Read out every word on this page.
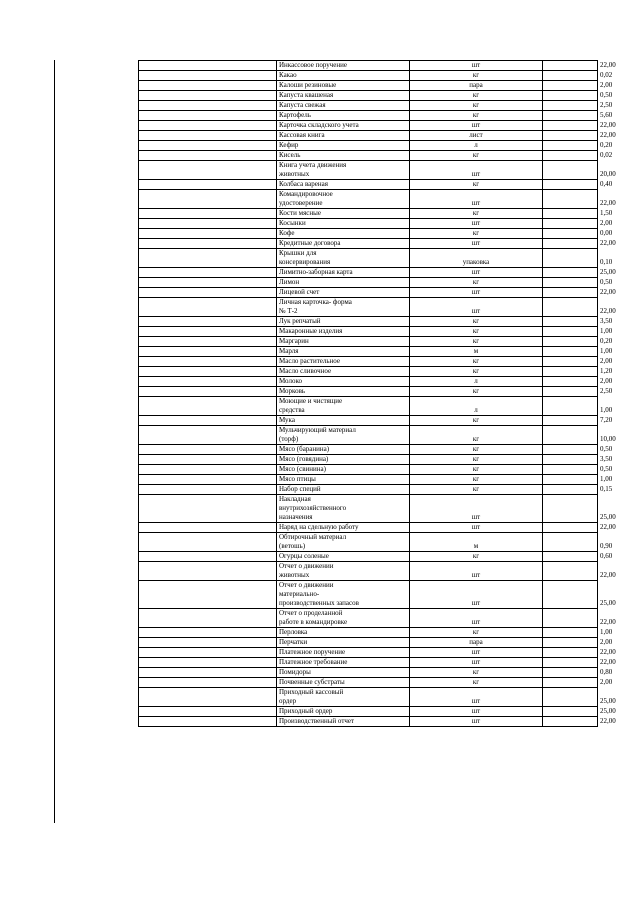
	Инкассовое поручение	шт		22,00

	Какао	кг		0,02

	Калоши резиновые	пара		2,00

	Капуста квашеная	кг		0,50

	Капуста свежая	кг		2,50

	Картофель	кг		5,60

	Карточка складского учета	шт		22,00

	Кассовая книга	лист		22,00

	Кефир	л		0,20

	Кисель	кг		0,02

	Книга учета движения
животных	шт		20,00

	Колбаса вареная	кг		0,40

	Командировочное
удостоверение	шт		22,00

	Кости мясные	кг		1,50

	Косынки	шт		2,00

	Кофе	кг		0,00

	Кредитные договора	шт		22,00

	Крышки для
консервирования	упаковка		0,10

	Лимитно-заборная карта	шт		25,00

	Лимон	кг		0,50

	Лицевой счет	шт		22,00

	Личная карточка- форма
№ Т-2	шт		22,00

	Лук репчатый	кг		3,50

	Макаронные изделия	кг		1,00

	Маргарин	кг		0,20

	Марля	м		1,00

	Масло растительное	кг		2,00

	Масло сливочное	кг		1,20

	Молоко	л		2,00

	Морковь	кг		2,50

	Моющие и чистящие
средства	л		1,00

	Мука	кг		7,20

	Мульчирующий материал
(торф)	кг		10,00

	Мясо (баранина)	кг		0,50

	Мясо (говядина)	кг		3,50

	Мясо (свинина)	кг		0,50

	Мясо птицы	кг		1,00

	Набор специй	кг		0,15

	Накладная
внутрихозяйственного
назначения	шт		25,00

	Наряд на сдельную работу	шт		22,00

	Обтирочный материал
(ветошь)	м		0,90

	Огурцы соленые	кг		0,60

	Отчет о движении
животных	шт		22,00

	Отчет о движении
материально-
производственных запасов	шт		25,00

	Отчет о проделанной
работе в командировке	шт		22,00

	Перловка	кг		1,00

	Перчатки	пара		2,00

	Платежное поручение	шт		22,00

	Платежное требование	шт		22,00

	Помидоры	кг		0,80

	Почвенные субстраты	кг		2,00

	Приходный кассовый
ордер	шт		25,00

	Приходный ордер	шт		25,00

	Производственный отчет	шт		22,00
